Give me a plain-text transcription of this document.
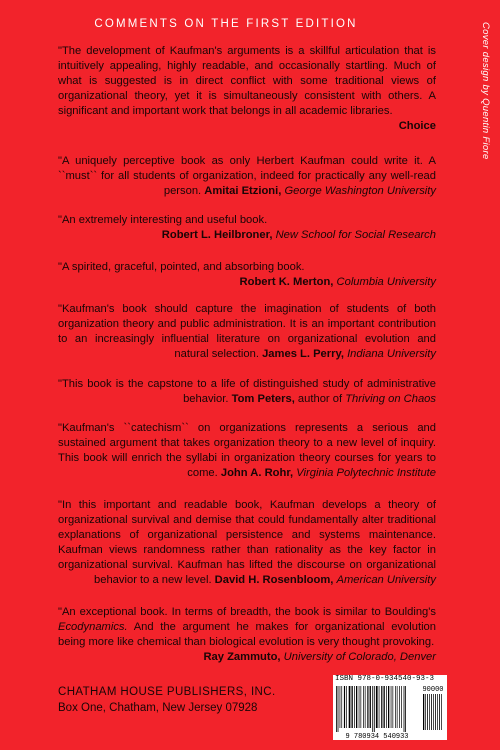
COMMENTS ON THE FIRST EDITION	Cover design by Quentin Fiore
"The development of Kaufman's arguments is a skillful articulation that is intuitively appealing, highly readable, and occasionally startling. Much of what is suggested is in direct conflict with some traditional views of organizational theory, yet it is simultaneously consistent with others. A significant and important work that belongs in all academic libraries.
Choice
"A uniquely perceptive book as only Herbert Kaufman could write it. A ``must`` for all students of organization, indeed for practically any well-read person. Amitai Etzioni, George Washington University
"An extremely interesting and useful book.
Robert L. Heilbroner, New School for Social Research
"A spirited, graceful, pointed, and absorbing book.
Robert K. Merton, Columbia University
"Kaufman's book should capture the imagination of students of both organization theory and public administration. It is an important contribution to an increasingly influential literature on organizational evolution and natural selection. James L. Perry, Indiana University
"This book is the capstone to a life of distinguished study of administrative behavior. Tom Peters, author of Thriving on Chaos
"Kaufman's ``catechism`` on organizations represents a serious and sustained argument that takes organization theory to a new level of inquiry. This book will enrich the syllabi in organization theory courses for years to come. John A. Rohr, Virginia Polytechnic Institute
"In this important and readable book, Kaufman develops a theory of organizational survival and demise that could fundamentally alter traditional explanations of organizational persistence and systems maintenance. Kaufman views randomness rather than rationality as the key factor in organizational survival. Kaufman has lifted the discourse on organizational behavior to a new level. David H. Rosenbloom, American University
"An exceptional book. In terms of breadth, the book is similar to Boulding's Ecodynamics. And the argument he makes for organizational evolution being more like chemical than biological evolution is very thought provoking.
Ray Zammuto, University of Colorado, Denver
CHATHAM HOUSE PUBLISHERS, INC.
Box One, Chatham, New Jersey 07928
ISBN 978-0-934540-93-3
90000
9 780934 540933
